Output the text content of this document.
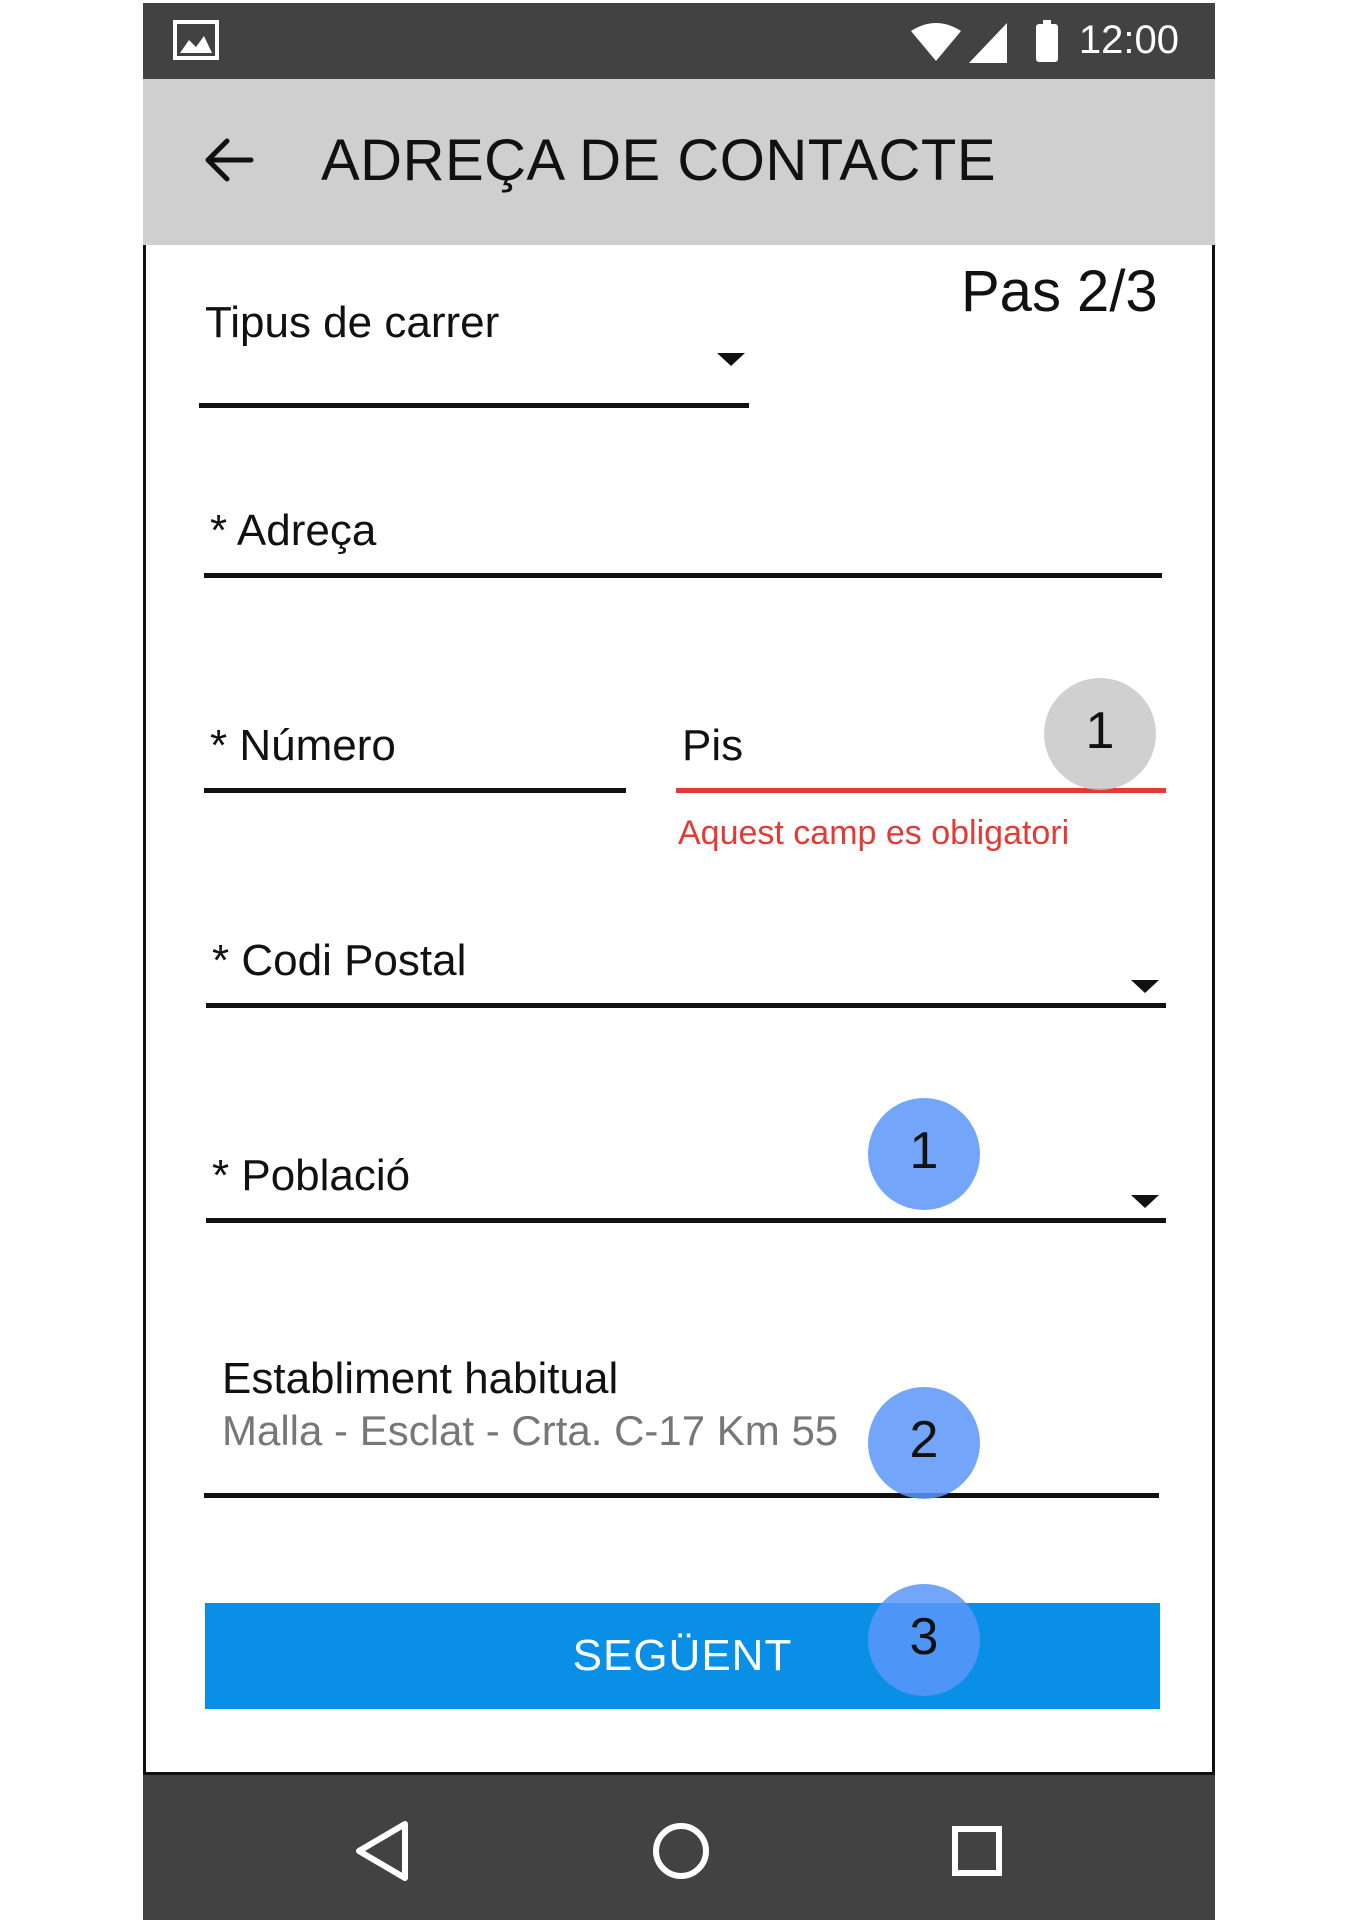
12:00
ADREÇA DE CONTACTE
Pas 2/3
Tipus de carrer
* Adreça
* Número	Pis
Aquest camp es obligatori
* Codi Postal
* Població
Establiment habitual
Malla - Esclat - Crta. C-17 Km 55
SEGÜENT
1
1
2
3
